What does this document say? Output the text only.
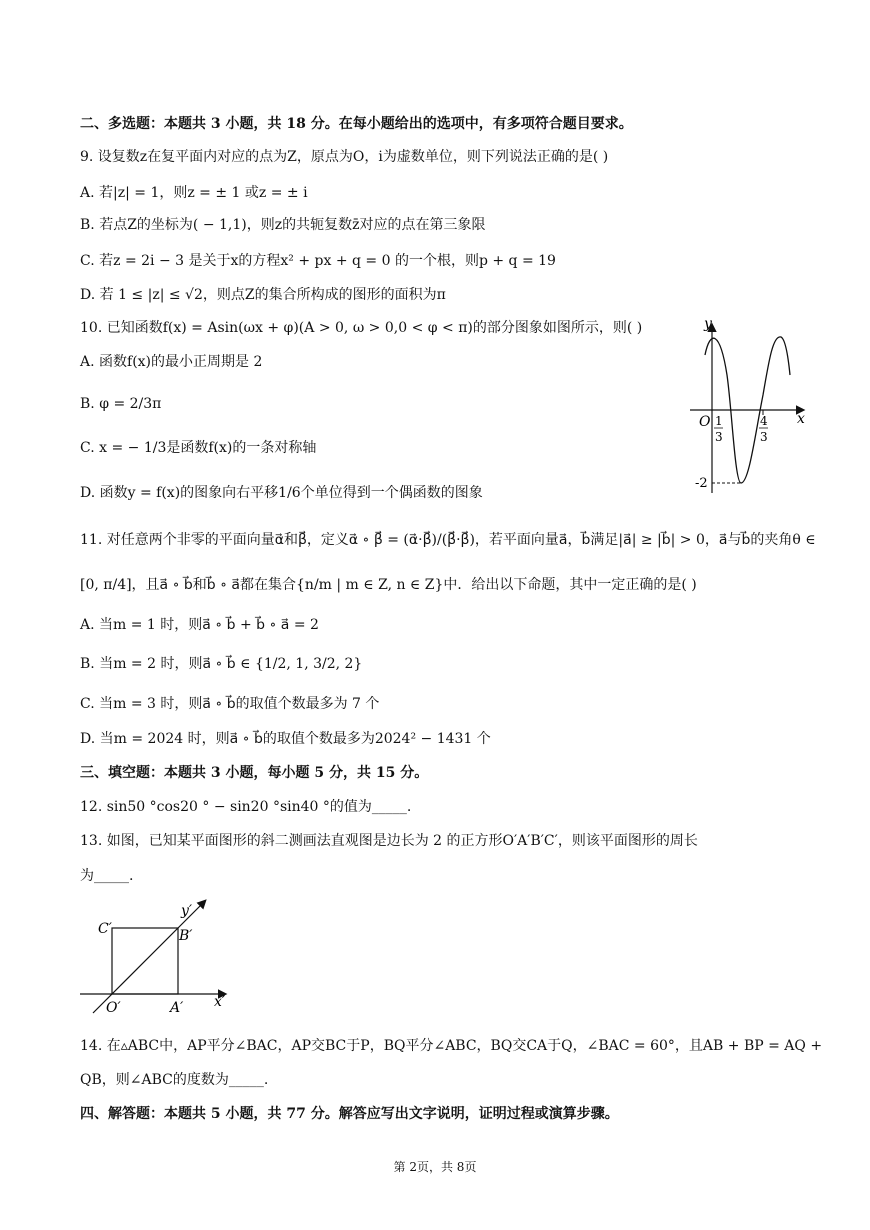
二、多选题：本题共 3 小题，共 18 分。在每小题给出的选项中，有多项符合题目要求。
9. 设复数z在复平面内对应的点为Z，原点为O，i为虚数单位，则下列说法正确的是( )
A. 若|z| = 1，则z = ± 1 或z = ± i
B. 若点Z的坐标为( − 1,1)，则z的共轭复数z̄对应的点在第三象限
C. 若z = 2i − 3 是关于x的方程x² + px + q = 0 的一个根，则p + q = 19
D. 若 1 ≤ |z| ≤ √2，则点Z的集合所构成的图形的面积为π
10. 已知函数f(x) = Asin(ωx + φ)(A > 0, ω > 0,0 < φ < π)的部分图象如图所示，则( )
A. 函数f(x)的最小正周期是 2
B. φ = 2/3π
C. x = − 1/3是函数f(x)的一条对称轴
D. 函数y = f(x)的图象向右平移1/6个单位得到一个偶函数的图象
y
x
O 1
3
4
3
-2
11. 对任意两个非零的平面向量α⃗和β⃗，定义α⃗ ∘ β⃗ = (α⃗·β⃗)/(β⃗·β⃗)，若平面向量a⃗，b⃗满足|a⃗| ≥ |b⃗| > 0，a⃗与b⃗的夹角θ ∈
[0, π/4]，且a⃗ ∘ b⃗和b⃗ ∘ a⃗都在集合{n/m | m ∈ Z, n ∈ Z}中．给出以下命题，其中一定正确的是( )
A. 当m = 1 时，则a⃗ ∘ b⃗ + b⃗ ∘ a⃗ = 2
B. 当m = 2 时，则a⃗ ∘ b⃗ ∈ {1/2, 1, 3/2, 2}
C. 当m = 3 时，则a⃗ ∘ b⃗的取值个数最多为 7 个
D. 当m = 2024 时，则a⃗ ∘ b⃗的取值个数最多为2024² − 1431 个
三、填空题：本题共 3 小题，每小题 5 分，共 15 分。
12. sin50 °cos20 ° − sin20 °sin40 °的值为_____.
13. 如图，已知某平面图形的斜二测画法直观图是边长为 2 的正方形O′A′B′C′，则该平面图形的周长
为_____.
C′	B′
O′	A′ x′
y′
14. 在▵ABC中，AP平分∠BAC，AP交BC于P，BQ平分∠ABC，BQ交CA于Q，∠BAC = 60°，且AB + BP = AQ +
QB，则∠ABC的度数为_____.
四、解答题：本题共 5 小题，共 77 分。解答应写出文字说明，证明过程或演算步骤。
第 2页，共 8页
